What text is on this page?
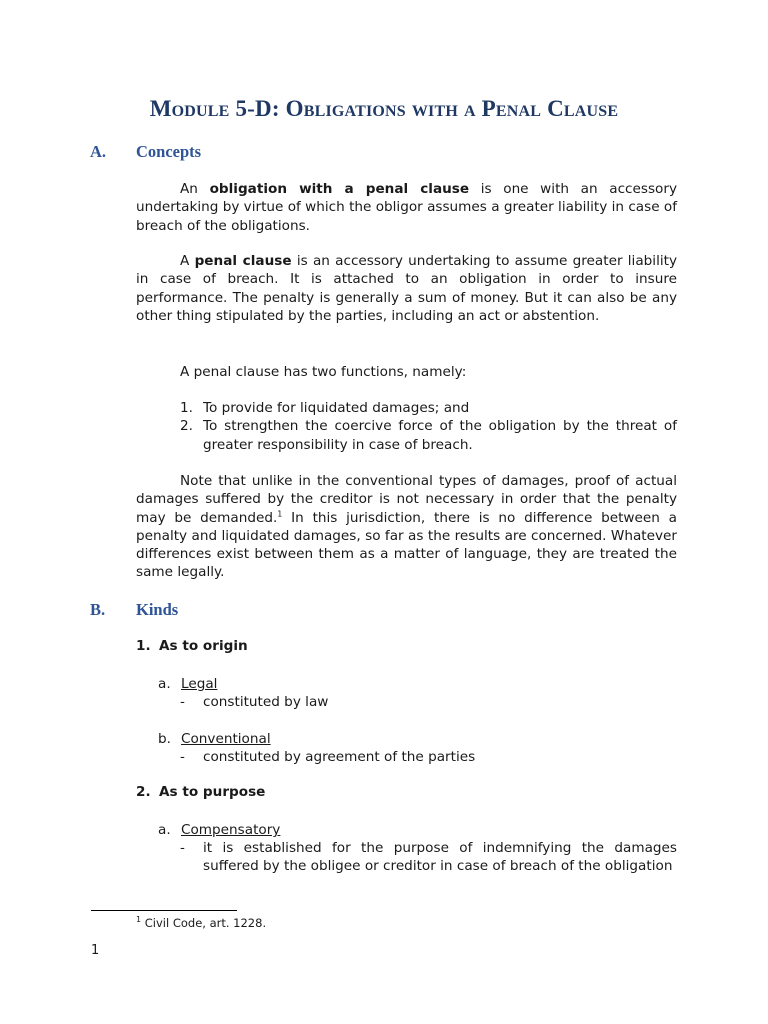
Module 5-D: Obligations with a Penal Clause
A. Concepts
An obligation with a penal clause is one with an accessory undertaking by virtue of which the obligor assumes a greater liability in case of breach of the obligations.
A penal clause is an accessory undertaking to assume greater liability in case of breach. It is attached to an obligation in order to insure performance. The penalty is generally a sum of money. But it can also be any other thing stipulated by the parties, including an act or abstention.
A penal clause has two functions, namely:
1. To provide for liquidated damages; and
2. To strengthen the coercive force of the obligation by the threat of greater responsibility in case of breach.
Note that unlike in the conventional types of damages, proof of actual damages suffered by the creditor is not necessary in order that the penalty may be demanded.$^1$ In this jurisdiction, there is no difference between a penalty and liquidated damages, so far as the results are concerned. Whatever differences exist between them as a matter of language, they are treated the same legally.
B. Kinds
1. As to origin
a. Legal
- constituted by law
b. Conventional
- constituted by agreement of the parties
2. As to purpose
a. Compensatory
- it is established for the purpose of indemnifying the damages suffered by the obligee or creditor in case of breach of the obligation
$^1$ Civil Code, art. 1228.
1
